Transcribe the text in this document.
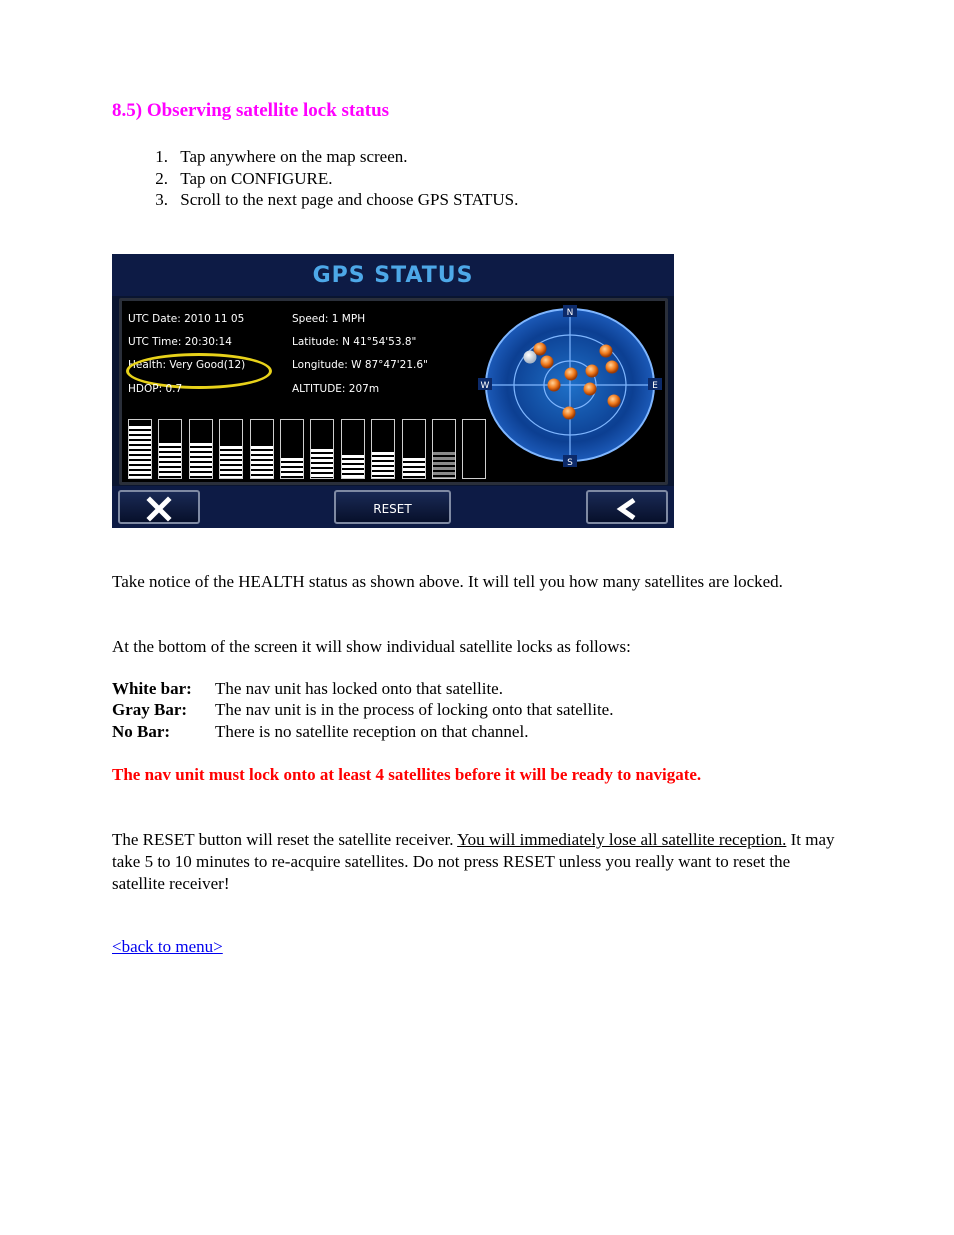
8.5) Observing satellite lock status
1. Tap anywhere on the map screen.
2. Tap on CONFIGURE.
3. Scroll to the next page and choose GPS STATUS.
GPS STATUS
UTC Date: 2010 11 05
UTC Time: 20:30:14
Health: Very Good(12)
HDOP: 0.7
Speed: 1 MPH
Latitude: N 41°54'53.8"
Longitude: W 87°47'21.6"
ALTITUDE: 207m
N
S
W	E
RESET
Take notice of the HEALTH status as shown above. It will tell you how many satellites are locked.
At the bottom of the screen it will show individual satellite locks as follows:
White bar: The nav unit has locked onto that satellite.
Gray Bar: The nav unit is in the process of locking onto that satellite.
No Bar:	There is no satellite reception on that channel.
The nav unit must lock onto at least 4 satellites before it will be ready to navigate.
The RESET button will reset the satellite receiver. You will immediately lose all satellite reception. It may take 5 to 10 minutes to re-acquire satellites. Do not press RESET unless you really want to reset the satellite receiver!
<back to menu>
